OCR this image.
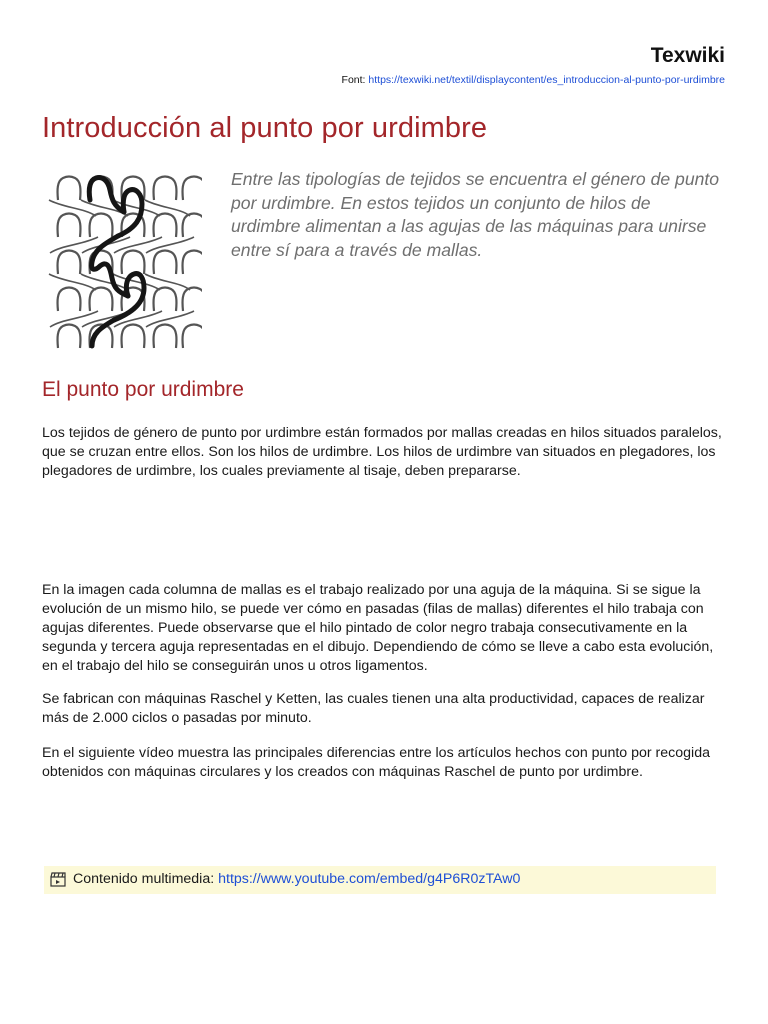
Texwiki
Font: https://texwiki.net/textil/displaycontent/es_introduccion-al-punto-por-urdimbre
Introducción al punto por urdimbre

Entre las tipologías de tejidos se encuentra el género de punto por urdimbre. En estos tejidos un conjunto de hilos de urdimbre alimentan a las agujas de las máquinas para unirse entre sí para a través de mallas.

El punto por urdimbre

Los tejidos de género de punto por urdimbre están formados por mallas creadas en hilos situados paralelos, que se cruzan entre ellos. Son los hilos de urdimbre. Los hilos de urdimbre van situados en plegadores, los plegadores de urdimbre, los cuales previamente al tisaje, deben prepararse.

En la imagen cada columna de mallas es el trabajo realizado por una aguja de la máquina. Si se sigue la evolución de un mismo hilo, se puede ver cómo en pasadas (filas de mallas) diferentes el hilo trabaja con agujas diferentes. Puede observarse que el hilo pintado de color negro trabaja consecutivamente en la segunda y tercera aguja representadas en el dibujo. Dependiendo de cómo se lleve a cabo esta evolución, en el trabajo del hilo se conseguirán unos u otros ligamentos.

Se fabrican con máquinas Raschel y Ketten, las cuales tienen una alta productividad, capaces de realizar más de 2.000 ciclos o pasadas por minuto.

En el siguiente vídeo muestra las principales diferencias entre los artículos hechos con punto por recogida obtenidos con máquinas circulares y los creados con máquinas Raschel de punto por urdimbre.

Contenido multimedia: https://www.youtube.com/embed/g4P6R0zTAw0
